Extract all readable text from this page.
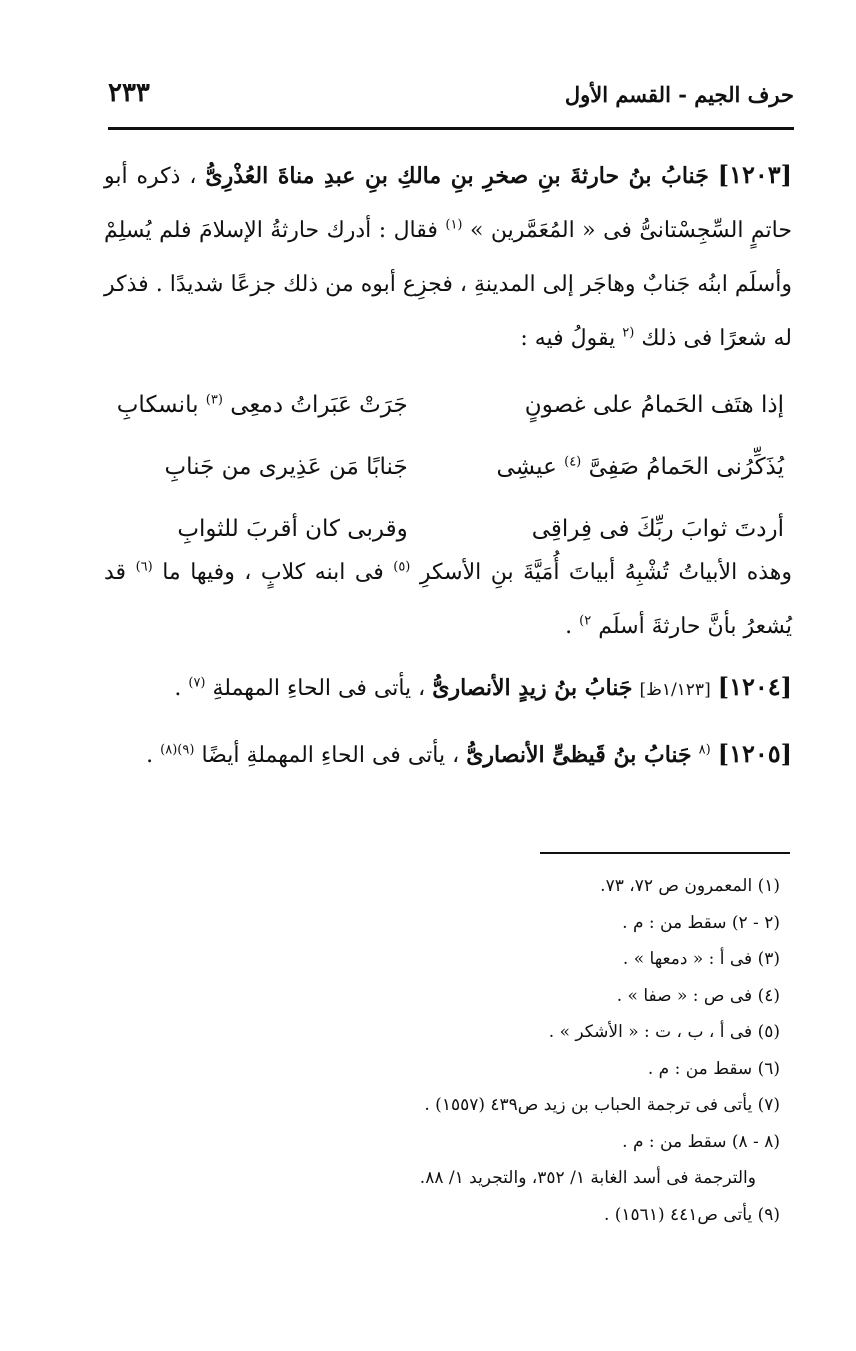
حرف الجيم - القسم الأول
٢٣٣

[١٢٠٣] جَنابُ بنُ حارثةَ بنِ صخرِ بنِ مالكِ بنِ عبدِ مناةَ العُذْرِىُّ ، ذكره أبو حاتمٍ السِّجِسْتانىُّ فى « المُعَمَّرين » $^{(١)}$ فقال : أدرك حارثةُ الإسلامَ فلم يُسلِمْ وأسلَم ابنُه جَنابٌ وهاجَر إلى المدينةِ ، فجزِع أبوه من ذلك جزعًا شديدًا . فذكر له شعرًا فى ذلك $^{(٢}$ يقولُ فيه :

إذا هتَف الحَمامُ على غصونٍ
جَرَتْ عَبَراتُ دمعِى $^{(٣)}$ بانسكابِ
يُذَكِّرُنى الحَمامُ صَفِىَّ $^{(٤)}$ عيشِى
جَنابًا مَن عَذِيرى من جَنابِ
أردتَ ثوابَ ربِّكَ فى فِراقِى
وقربى كان أقربَ للثوابِ

وهذه الأبياتُ تُشْبِهُ أبياتَ أُمَيَّةَ بنِ الأسكرِ $^{(٥)}$ فى ابنه كلابٍ ، وفيها ما $^{(٦)}$ قد يُشعرُ بأنَّ حارثةَ أسلَم $^{٢)}$ .

[١٢٠٤] [١/١٢٣ظ] جَنابُ بنُ زيدٍ الأنصارىُّ ، يأتى فى الحاءِ المهملةِ $^{(٧)}$ .

[١٢٠٥] $^{(٨}$ جَنابُ بنُ قَيظىٍّ الأنصارىُّ ، يأتى فى الحاءِ المهملةِ أيضًا $^{(٩)(٨)}$ .

(١) المعمرون ص ٧٢، ٧٣.

(٢ - ٢) سقط من : م .

(٣) فى أ : « دمعها » .

(٤) فى ص : « صفا » .

(٥) فى أ ، ب ، ت : « الأشكر » .

(٦) سقط من : م .

(٧) يأتى فى ترجمة الحباب بن زيد ص٤٣٩ (١٥٥٧) .

(٨ - ٨) سقط من : م .

والترجمة فى أسد الغابة ١/ ٣٥٢، والتجريد ١/ ٨٨.

(٩) يأتى ص٤٤١ (١٥٦١) .
